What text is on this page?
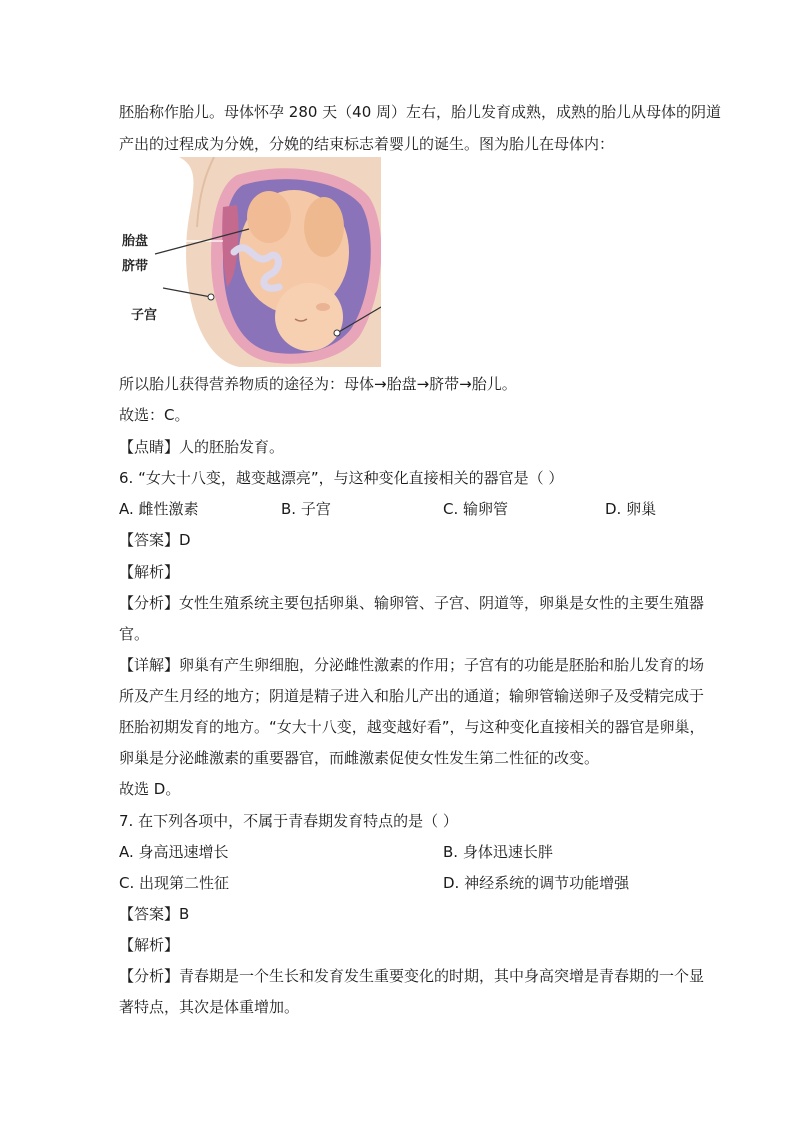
胚胎称作胎儿。母体怀孕 280 天（40 周）左右，胎儿发育成熟，成熟的胎儿从母体的阴道
产出的过程成为分娩，分娩的结束标志着婴儿的诞生。图为胎儿在母体内：
胎盘
脐带
子宫
所以胎儿获得营养物质的途径为：母体→胎盘→脐带→胎儿。
故选：C。
【点睛】人的胚胎发育。
6. “女大十八变，越变越漂亮”，与这种变化直接相关的器官是（ ）
A. 雌性激素	B. 子宫	C. 输卵管	D. 卵巢
【答案】D
【解析】
【分析】女性生殖系统主要包括卵巢、输卵管、子宫、阴道等，卵巢是女性的主要生殖器
官。
【详解】卵巢有产生卵细胞，分泌雌性激素的作用；子宫有的功能是胚胎和胎儿发育的场
所及产生月经的地方；阴道是精子进入和胎儿产出的通道；输卵管输送卵子及受精完成于
胚胎初期发育的地方。“女大十八变，越变越好看”，与这种变化直接相关的器官是卵巢，
卵巢是分泌雌激素的重要器官，而雌激素促使女性发生第二性征的改变。
故选 D。
7. 在下列各项中，不属于青春期发育特点的是（ ）
A. 身高迅速增长	B. 身体迅速长胖
C. 出现第二性征	D. 神经系统的调节功能增强
【答案】B
【解析】
【分析】青春期是一个生长和发育发生重要变化的时期，其中身高突增是青春期的一个显
著特点，其次是体重增加。
